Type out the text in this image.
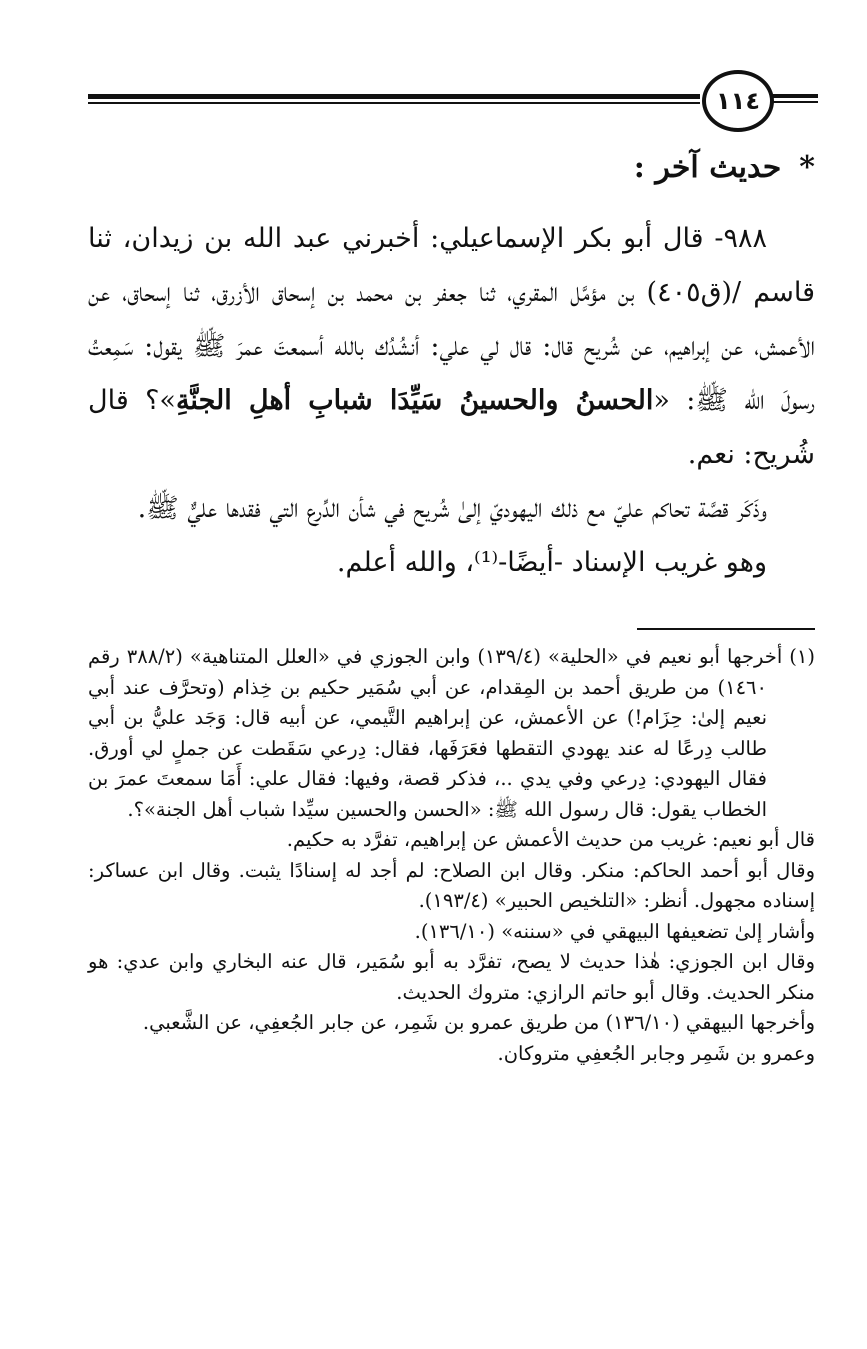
١١٤
*حديث آخر :

٩٨٨- قال أبو بكر الإسماعيلي: أخبرني عبد الله بن زيدان، ثنا قاسم /(ق٤٠٥) بن مؤمَّل المقري، ثنا جعفر بن محمد بن إسحاق الأزرق، ثنا إسحاق، عن الأعمش، عن إبراهيم، عن شُريح قال: قال لي علي: أنشُدُك بالله أسمعتَ عمرَ ﷺ يقول: سَمِعتُ رسولَ الله ﷺ: «الحسنُ والحسينُ سَيِّدَا شبابِ أهلِ الجنَّةِ»؟ قال شُريح: نعم.

وذَكَر قصَّة تحاكم عليّ مع ذلك اليهوديّ إلىٰ شُريح في شأن الدِّرع التي فقدها عليٌّ ﷺ.

وهو غريب الإسناد -أيضًا-⁽¹⁾، والله أعلم.

(١) أخرجها أبو نعيم في «الحلية» (١٣٩/٤) وابن الجوزي في «العلل المتناهية» (٣٨٨/٢ رقم ١٤٦٠) من طريق أحمد بن المِقدام، عن أبي سُمَير حكيم بن خِذام (وتحرَّف عند أبي نعيم إلىٰ: حِزَام!) عن الأعمش، عن إبراهيم التَّيمي، عن أبيه قال: وَجَد عليُّ بن أبي طالب دِرعًا له عند يهودي التقطها فعَرَفَها، فقال: دِرعي سَقَطت عن جملٍ لي أورق. فقال اليهودي: دِرعي وفي يدي ..، فذكر قصة، وفيها: فقال علي: أَمَا سمعتَ عمرَ بن الخطاب يقول: قال رسول الله ﷺ: «الحسن والحسين سيِّدا شباب أهل الجنة»؟.

قال أبو نعيم: غريب من حديث الأعمش عن إبراهيم، تفرَّد به حكيم.

وقال أبو أحمد الحاكم: منكر. وقال ابن الصلاح: لم أجد له إسنادًا يثبت. وقال ابن عساكر: إسناده مجهول. أنظر: «التلخيص الحبير» (١٩٣/٤).

وأشار إلىٰ تضعيفها البيهقي في «سننه» (١٣٦/١٠).

وقال ابن الجوزي: هٰذا حديث لا يصح، تفرَّد به أبو سُمَير، قال عنه البخاري وابن عدي: هو منكر الحديث. وقال أبو حاتم الرازي: متروك الحديث.

وأخرجها البيهقي (١٣٦/١٠) من طريق عمرو بن شَمِر، عن جابر الجُعفِي، عن الشَّعبي.

وعمرو بن شَمِر وجابر الجُعفِي متروكان.
